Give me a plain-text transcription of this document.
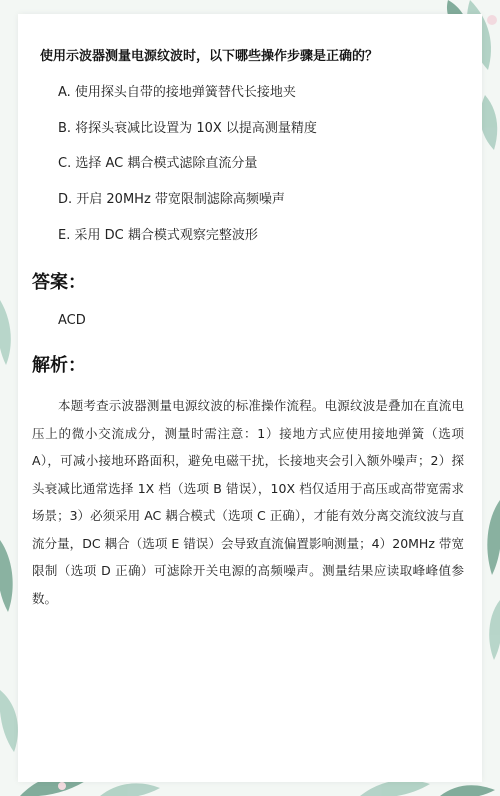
使用示波器测量电源纹波时，以下哪些操作步骤是正确的？
A. 使用探头自带的接地弹簧替代长接地夹
B. 将探头衰减比设置为 10X 以提高测量精度
C. 选择 AC 耦合模式滤除直流分量
D. 开启 20MHz 带宽限制滤除高频噪声
E. 采用 DC 耦合模式观察完整波形
答案：
ACD
解析：

本题考查示波器测量电源纹波的标准操作流程。电源纹波是叠加在直流电压上的微小交流成分，测量时需注意：1）接地方式应使用接地弹簧（选项A），可减小接地环路面积，避免电磁干扰，长接地夹会引入额外噪声；2）探头衰减比通常选择 1X 档（选项 B 错误），10X 档仅适用于高压或高带宽需求场景；3）必须采用 AC 耦合模式（选项 C 正确），才能有效分离交流纹波与直流分量，DC 耦合（选项 E 错误）会导致直流偏置影响测量；4）20MHz 带宽限制（选项 D 正确）可滤除开关电源的高频噪声。测量结果应读取峰峰值参数。
